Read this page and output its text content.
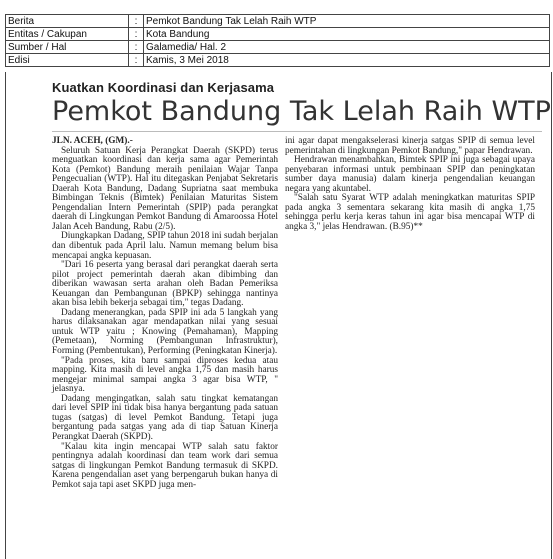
Berita	:	Pemkot Bandung Tak Lelah Raih WTP
Entitas / Cakupan	:	Kota Bandung
Sumber / Hal	:	Galamedia/ Hal. 2
Edisi	:	Kamis, 3 Mei 2018
Kuatkan Koordinasi dan Kerjasama
Pemkot Bandung Tak Lelah Raih WTP

JLN. ACEH, (GM).-

Seluruh Satuan Kerja Perangkat Daerah (SKPD) terus menguatkan koordinasi dan kerja sama agar Pemerintah Kota (Pemkot) Bandung meraih penilaian Wajar Tanpa Pengecualian (WTP). Hal itu ditegaskan Penjabat Sekretaris Daerah Kota Bandung, Dadang Supriatna saat membuka Bimbingan Teknis (Bimtek) Penilaian Maturitas Sistem Pengendalian Intern Pemerintah (SPIP) pada perangkat daerah di Lingkungan Pemkot Bandung di Amaroossa Hotel Jalan Aceh Bandung, Rabu (2/5).

Diungkapkan Dadang, SPIP tahun 2018 ini sudah berjalan dan dibentuk pada April lalu. Namun memang belum bisa mencapai angka kepuasan.

"Dari 16 peserta yang berasal dari perangkat daerah serta pilot project pemerintah daerah akan dibimbing dan diberikan wawasan serta arahan oleh Badan Pemeriksa Keuangan dan Pembangunan (BPKP) sehingga nantinya akan bisa lebih bekerja sebagai tim," tegas Dadang.

Dadang menerangkan, pada SPIP ini ada 5 langkah yang harus dilaksanakan agar mendapatkan nilai yang sesuai untuk WTP yaitu ; Knowing (Pemahaman), Mapping (Pemetaan), Norming (Pembangunan Infrastruktur), Forming (Pembentukan), Performing (Peningkatan Kinerja).

"Pada proses, kita baru sampai diproses kedua atau mapping. Kita masih di level angka 1,75 dan masih harus mengejar minimal sampai angka 3 agar bisa WTP, " jelasnya.

Dadang mengingatkan, salah satu tingkat kematangan dari level SPIP ini tidak bisa hanya bergantung pada satuan tugas (satgas) di level Pemkot Bandung. Tetapi juga bergantung pada satgas yang ada di tiap Satuan Kinerja Perangkat Daerah (SKPD).

"Kalau kita ingin mencapai WTP salah satu faktor pentingnya adalah koordinasi dan team work dari semua satgas di lingkungan Pemkot Bandung termasuk di SKPD. Karena pengendalian aset yang berpengaruh bukan hanya di Pemkot saja tapi aset SKPD juga men-

ini agar dapat mengakselerasi kinerja satgas SPIP di semua level pemerintahan di lingkungan Pemkot Bandung," papar Hendrawan.

Hendrawan menambahkan, Bimtek SPIP ini juga sebagai upaya penyebaran informasi untuk pembinaan SPIP dan peningkatan sumber daya manusia) dalam kinerja pengendalian keuangan negara yang akuntabel.

"Salah satu Syarat WTP adalah meningkatkan maturitas SPIP pada angka 3 sementara sekarang kita masih di angka 1,75 sehingga perlu kerja keras tahun ini agar bisa mencapai WTP di angka 3," jelas Hendrawan. (B.95)**
